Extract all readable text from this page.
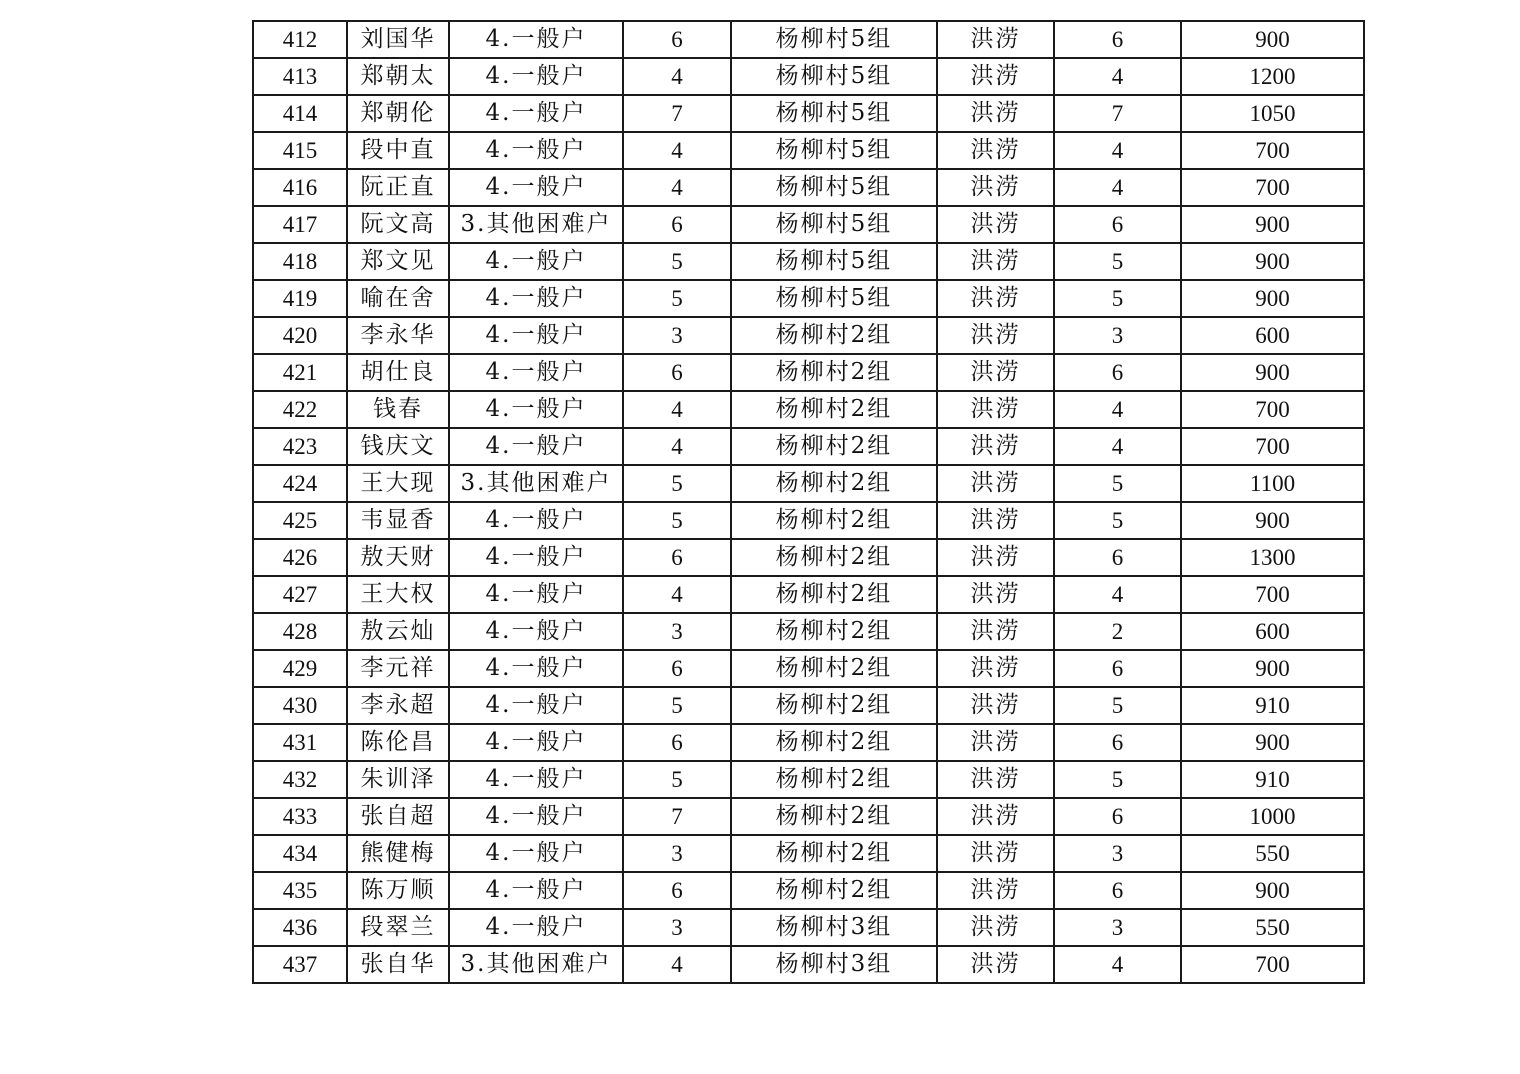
412	刘国华	4.一般户	6	杨柳村5组	洪涝	6	900
413	郑朝太	4.一般户	4	杨柳村5组	洪涝	4	1200
414	郑朝伦	4.一般户	7	杨柳村5组	洪涝	7	1050
415	段中直	4.一般户	4	杨柳村5组	洪涝	4	700
416	阮正直	4.一般户	4	杨柳村5组	洪涝	4	700
417	阮文高	3.其他困难户	6	杨柳村5组	洪涝	6	900
418	郑文见	4.一般户	5	杨柳村5组	洪涝	5	900
419	喻在舍	4.一般户	5	杨柳村5组	洪涝	5	900
420	李永华	4.一般户	3	杨柳村2组	洪涝	3	600
421	胡仕良	4.一般户	6	杨柳村2组	洪涝	6	900
422	钱春	4.一般户	4	杨柳村2组	洪涝	4	700
423	钱庆文	4.一般户	4	杨柳村2组	洪涝	4	700
424	王大现	3.其他困难户	5	杨柳村2组	洪涝	5	1100
425	韦显香	4.一般户	5	杨柳村2组	洪涝	5	900
426	敖天财	4.一般户	6	杨柳村2组	洪涝	6	1300
427	王大权	4.一般户	4	杨柳村2组	洪涝	4	700
428	敖云灿	4.一般户	3	杨柳村2组	洪涝	2	600
429	李元祥	4.一般户	6	杨柳村2组	洪涝	6	900
430	李永超	4.一般户	5	杨柳村2组	洪涝	5	910
431	陈伦昌	4.一般户	6	杨柳村2组	洪涝	6	900
432	朱训泽	4.一般户	5	杨柳村2组	洪涝	5	910
433	张自超	4.一般户	7	杨柳村2组	洪涝	6	1000
434	熊健梅	4.一般户	3	杨柳村2组	洪涝	3	550
435	陈万顺	4.一般户	6	杨柳村2组	洪涝	6	900
436	段翠兰	4.一般户	3	杨柳村3组	洪涝	3	550
437	张自华	3.其他困难户	4	杨柳村3组	洪涝	4	700
